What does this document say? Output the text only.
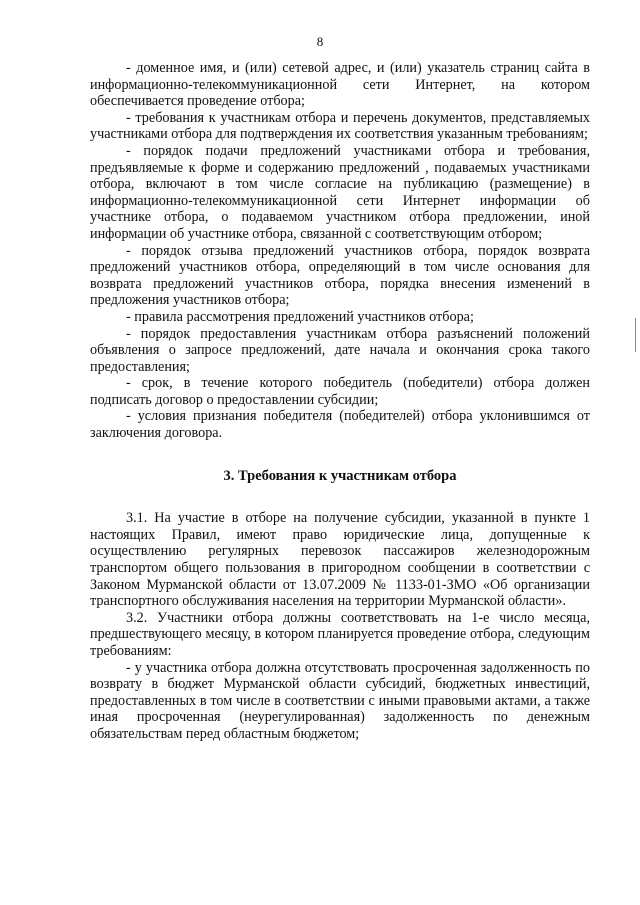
8

- доменное имя, и (или) сетевой адрес, и (или) указатель страниц сайта в информационно-телекоммуникационной сети Интернет, на котором обеспечивается проведение отбора;

- требования к участникам отбора и перечень документов, представляемых участниками отбора для подтверждения их соответствия указанным требованиям;

- порядок подачи предложений участниками отбора и требования, предъявляемые к форме и содержанию предложений , подаваемых участниками отбора, включают в том числе согласие на публикацию (размещение) в информационно-телекоммуникационной сети Интернет информации об участнике отбора, о подаваемом участником отбора предложении, иной информации об участнике отбора, связанной с соответствующим отбором;

- порядок отзыва предложений участников отбора, порядок возврата предложений участников отбора, определяющий в том числе основания для возврата предложений участников отбора, порядка внесения изменений в предложения участников отбора;

- правила рассмотрения предложений участников отбора;

- порядок предоставления участникам отбора разъяснений положений объявления о запросе предложений, дате начала и окончания срока такого предоставления;

- срок, в течение которого победитель (победители) отбора должен подписать договор о предоставлении субсидии;

- условия признания победителя (победителей) отбора уклонившимся от заключения договора.

3. Требования к участникам отбора

3.1. На участие в отборе на получение субсидии, указанной в пункте 1 настоящих Правил, имеют право юридические лица, допущенные к осуществлению регулярных перевозок пассажиров железнодорожным транспортом общего пользования в пригородном сообщении в соответствии с Законом Мурманской области от 13.07.2009 № 1133-01-ЗМО «Об организации транспортного обслуживания населения на территории Мурманской области».

3.2. Участники отбора должны соответствовать на 1-е число месяца, предшествующего месяцу, в котором планируется проведение отбора, следующим требованиям:

- у участника отбора должна отсутствовать просроченная задолженность по возврату в бюджет Мурманской области субсидий, бюджетных инвестиций, предоставленных в том числе в соответствии с иными правовыми актами, а также иная просроченная (неурегулированная) задолженность по денежным обязательствам перед областным бюджетом;
